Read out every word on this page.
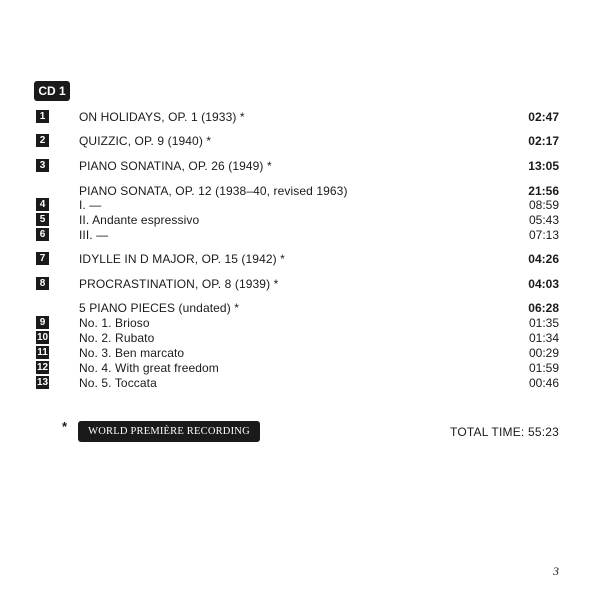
CD 1
1	ON HOLIDAYS, OP. 1 (1933) *	02:47
2	QUIZZIC, OP. 9 (1940) *	02:17
3	PIANO SONATINA, OP. 26 (1949) *	13:05
PIANO SONATA, OP. 12 (1938–40, revised 1963)	21:56
4	I. —	08:59
5	II. Andante espressivo	05:43
6	III. —	07:13
7	IDYLLE IN D MAJOR, OP. 15 (1942) *	04:26
8	PROCRASTINATION, OP. 8 (1939) *	04:03
5 PIANO PIECES (undated) *	06:28
9	No. 1. Brioso	01:35
10	No. 2. Rubato	01:34
11	No. 3. Ben marcato	00:29
12	No. 4. With great freedom	01:59
13	No. 5. Toccata	00:46
*	WORLD PREMIÈRE RECORDING	TOTAL TIME: 55:23
3
